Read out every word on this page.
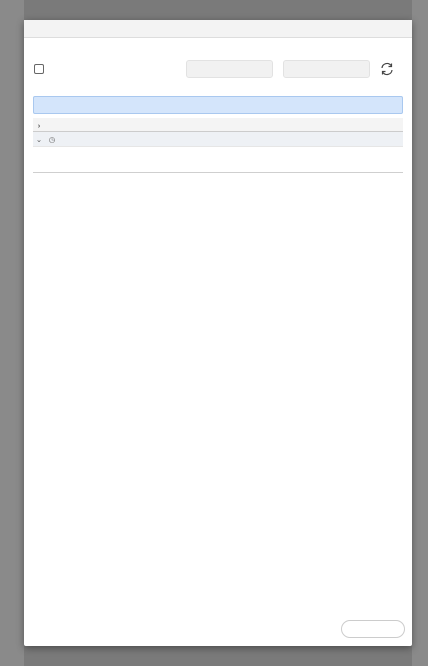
›
⌄ ◷
